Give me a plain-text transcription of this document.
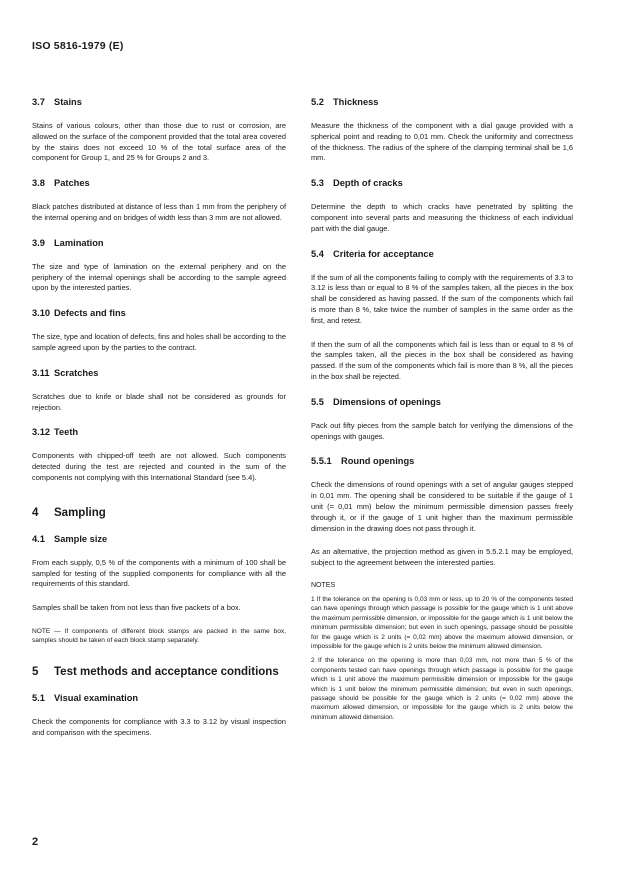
ISO 5816-1979 (E)
3.7 Stains

Stains of various colours, other than those due to rust or corrosion, are allowed on the surface of the component provided that the total area covered by the stains does not exceed 10 % of the total surface area of the component for Group 1, and 25 % for Groups 2 and 3.

3.8 Patches

Black patches distributed at distance of less than 1 mm from the periphery of the internal opening and on bridges of width less than 3 mm are not allowed.

3.9 Lamination

The size and type of lamination on the external periphery and on the periphery of the internal openings shall be according to the sample agreed upon by the interested parties.

3.10 Defects and fins

The size, type and location of defects, fins and holes shall be according to the sample agreed upon by the parties to the contract.

3.11 Scratches

Scratches due to knife or blade shall not be considered as grounds for rejection.

3.12 Teeth

Components with chipped-off teeth are not allowed. Such components detected during the test are rejected and counted in the sum of the components not complying with this International Standard (see 5.4).

4 Sampling
4.1 Sample size

From each supply, 0,5 % of the components with a minimum of 100 shall be sampled for testing of the supplied components for compliance with all the requirements of this standard.

Samples shall be taken from not less than five packets of a box.

NOTE — If components of different block stamps are packed in the same box, samples should be taken of each block stamp separately.

5 Test methods and acceptance conditions
5.1 Visual examination

Check the components for compliance with 3.3 to 3.12 by visual inspection and comparison with the specimens.

5.2 Thickness

Measure the thickness of the component with a dial gauge provided with a spherical point and reading to 0,01 mm. Check the uniformity and correctness of the thickness. The radius of the sphere of the clamping terminal shall be 1,6 mm.

5.3 Depth of cracks

Determine the depth to which cracks have penetrated by splitting the component into several parts and measuring the thickness of each individual part with the dial gauge.

5.4 Criteria for acceptance

If the sum of all the components failing to comply with the requirements of 3.3 to 3.12 is less than or equal to 8 % of the samples taken, all the pieces in the box shall be considered as having passed. If the sum of the components which fail is more than 8 %, take twice the number of samples in the same order as the first, and retest.

If then the sum of all the components which fail is less than or equal to 8 % of the samples taken, all the pieces in the box shall be considered as having passed. If the sum of the components which fail is more than 8 %, all the pieces in the box shall be rejected.

5.5 Dimensions of openings

Pack out fifty pieces from the sample batch for verifying the dimensions of the openings with gauges.

5.5.1 Round openings

Check the dimensions of round openings with a set of angular gauges stepped in 0,01 mm. The opening shall be considered to be suitable if the gauge of 1 unit (= 0,01 mm) below the minimum permissible dimension passes freely through it, or if the gauge of 1 unit higher than the maximum permissible dimension in the drawing does not pass through it.

As an alternative, the projection method as given in 5.5.2.1 may be employed, subject to the agreement between the interested parties.

NOTES

1 If the tolerance on the opening is 0,03 mm or less, up to 20 % of the components tested can have openings through which passage is possible for the gauge which is 1 unit above the maximum permissible dimension, or impossible for the gauge which is 1 unit below the minimum permissible dimension; but even in such openings, passage should be possible for the gauge which is 2 units (= 0,02 mm) above the maximum allowed dimension, or impossible for the gauge which is 2 units below the minimum allowed dimension.

2 If the tolerance on the opening is more than 0,03 mm, not more than 5 % of the components tested can have openings through which passage is possible for the gauge which is 1 unit above the maximum permissible dimension or impossible for the gauge which is 1 unit below the minimum permissible dimension; but even in such openings, passage should be possible for the gauge which is 2 units (= 0,02 mm) above the maximum allowed dimension, or impossible for the gauge which is 2 units below the minimum allowed dimension.

2
